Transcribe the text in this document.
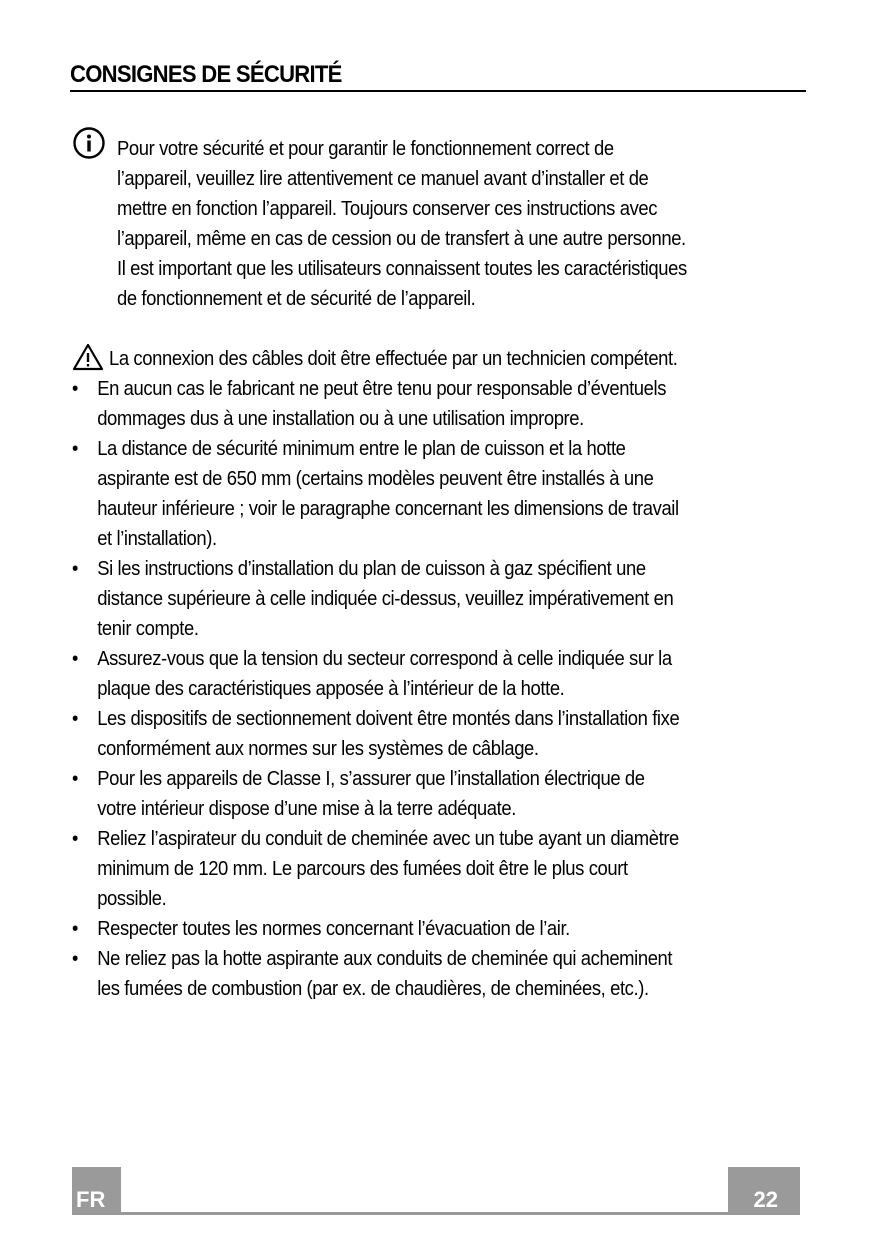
CONSIGNES DE SÉCURITÉ

Pour votre sécurité et pour garantir le fonctionnement correct de

l’appareil, veuillez lire attentivement ce manuel avant d’installer et de

mettre en fonction l’appareil. Toujours conserver ces instructions avec

l’appareil, même en cas de cession ou de transfert à une autre personne.

Il est important que les utilisateurs connaissent toutes les caractéristiques

de fonctionnement et de sécurité de l’appareil.

La connexion des câbles doit être effectuée par un technicien compétent.
• En aucun cas le fabricant ne peut être tenu pour responsable d’éventuels
dommages dus à une installation ou à une utilisation impropre.
• La distance de sécurité minimum entre le plan de cuisson et la hotte
aspirante est de 650 mm (certains modèles peuvent être installés à une
hauteur inférieure ; voir le paragraphe concernant les dimensions de travail
et l’installation).
• Si les instructions d’installation du plan de cuisson à gaz spécifient une
distance supérieure à celle indiquée ci-dessus, veuillez impérativement en
tenir compte.
• Assurez-vous que la tension du secteur correspond à celle indiquée sur la
plaque des caractéristiques apposée à l’intérieur de la hotte.
• Les dispositifs de sectionnement doivent être montés dans l’installation fixe
conformément aux normes sur les systèmes de câblage.
• Pour les appareils de Classe I, s’assurer que l’installation électrique de
votre intérieur dispose d’une mise à la terre adéquate.
• Reliez l’aspirateur du conduit de cheminée avec un tube ayant un diamètre
minimum de 120 mm. Le parcours des fumées doit être le plus court
possible.
• Respecter toutes les normes concernant l’évacuation de l’air.
• Ne reliez pas la hotte aspirante aux conduits de cheminée qui acheminent
les fumées de combustion (par ex. de chaudières, de cheminées, etc.).
FR	22
